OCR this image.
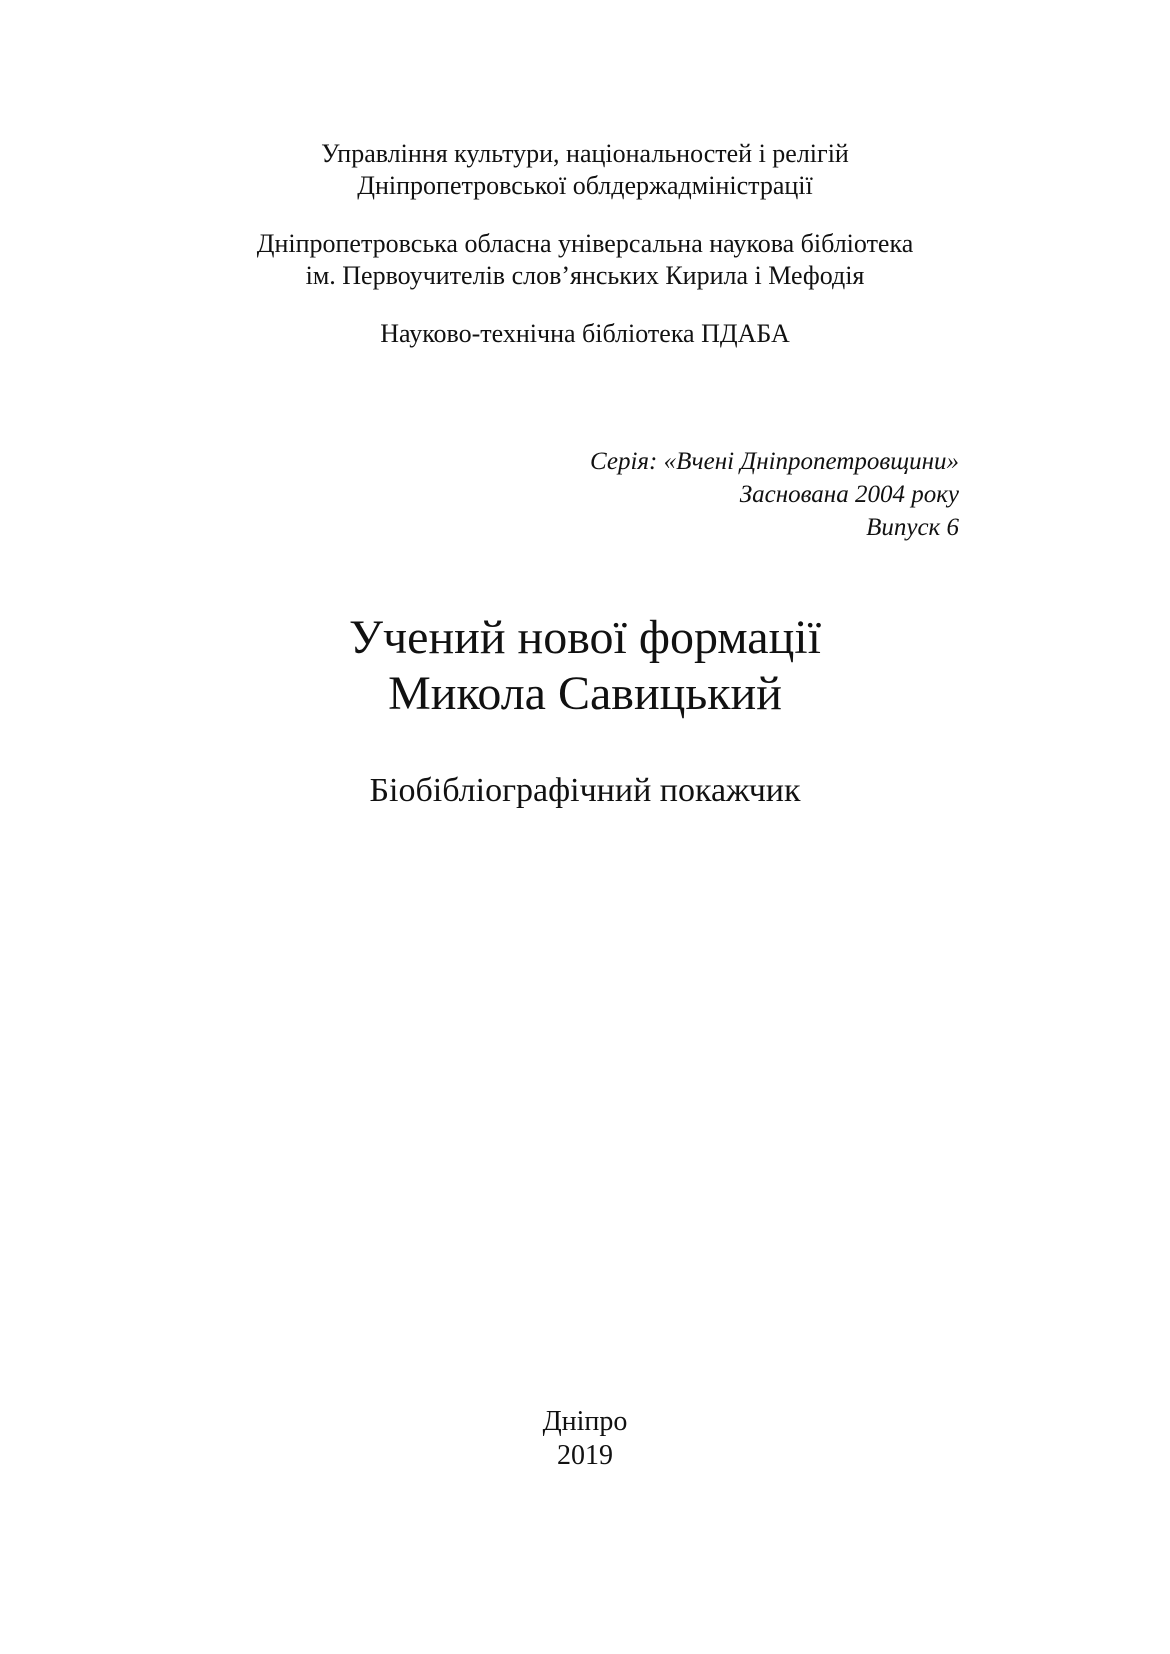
Управління культури, національностей і релігій
Дніпропетровської облдержадміністрації
Дніпропетровська обласна універсальна наукова бібліотека
ім. Первоучителів слов’янських Кирила і Мефодія
Науково-технічна бібліотека ПДАБА
Серія: «Вчені Дніпропетровщини»
Заснована 2004 року
Випуск 6
Учений нової формації
Микола Савицький
Біобібліографічний покажчик
Дніпро
2019
